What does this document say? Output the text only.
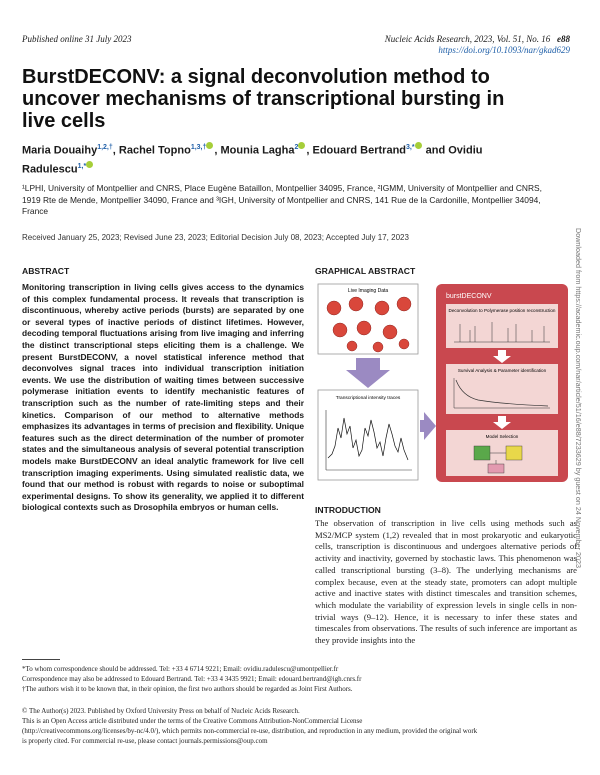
Published online 31 July 2023	Nucleic Acids Research, 2023, Vol. 51, No. 16 e88
https://doi.org/10.1093/nar/gkad629
BurstDECONV: a signal deconvolution method to uncover mechanisms of transcriptional bursting in live cells
Maria Douaihy$^{1,2,\dagger}$, Rachel Topno$^{1,3,\dagger}$ , Mounia Lagha$^2$ , Edouard Bertrand$^{3,*}$ and Ovidiu Radulescu$^{1,*}$
¹LPHI, University of Montpellier and CNRS, Place Eugène Bataillon, Montpellier 34095, France, ²IGMM, University of Montpellier and CNRS, 1919 Rte de Mende, Montpellier 34090, France and ³IGH, University of Montpellier and CNRS, 141 Rue de la Cardonille, Montpellier 34094, France
Received January 25, 2023; Revised June 23, 2023; Editorial Decision July 08, 2023; Accepted July 17, 2023
ABSTRACT
Monitoring transcription in living cells gives access to the dynamics of this complex fundamental process. It reveals that transcription is discontinuous, whereby active periods (bursts) are separated by one or several types of inactive periods of distinct lifetimes. However, decoding temporal fluctuations arising from live imaging and inferring the distinct transcriptional steps eliciting them is a challenge. We present BurstDECONV, a novel statistical inference method that deconvolves signal traces into individual transcription initiation events. We use the distribution of waiting times between successive polymerase initiation events to identify mechanistic features of transcription such as the number of rate-limiting steps and their kinetics. Comparison of our method to alternative methods emphasizes its advantages in terms of precision and flexibility. Unique features such as the direct determination of the number of promoter states and the simultaneous analysis of several potential transcription models make BurstDECONV an ideal analytic framework for live cell transcription imaging experiments. Using simulated realistic data, we found that our method is robust with regards to noise or suboptimal experimental designs. To show its generality, we applied it to different biological contexts such as Drosophila embryos or human cells.
GRAPHICAL ABSTRACT
Live Imaging Data
Transcriptional intensity traces
burstDECONV
Deconvolution to Polymerase position reconstruction
Survival Analysis & Parameter identification
Model Selection
INTRODUCTION
The observation of transcription in live cells using methods such as MS2/MCP system (1,2) revealed that in most prokaryotic and eukaryotic cells, transcription is discontinuous and undergoes alternative periods of activity and inactivity, governed by stochastic laws. This phenomenon was called transcriptional bursting (3–8). The underlying mechanisms are complex because, even at the steady state, promoters can adopt multiple active and inactive states with distinct timescales and transition schemes, which modulate the variability of expression levels in single cells in non-trivial ways (9–12). Hence, it is necessary to infer these states and timescales from observations. The results of such inference are important as they provide insights into the
Downloaded from https://academic.oup.com/nar/article/51/16/e88/7233629 by guest on 24 November 2023
*To whom correspondence should be addressed. Tel: +33 4 6714 9221; Email: ovidiu.radulescu@umontpellier.fr
Correspondence may also be addressed to Edouard Bertrand. Tel: +33 4 3435 9921; Email: edouard.bertrand@igh.cnrs.fr
†The authors wish it to be known that, in their opinion, the first two authors should be regarded as Joint First Authors.
© The Author(s) 2023. Published by Oxford University Press on behalf of Nucleic Acids Research.
This is an Open Access article distributed under the terms of the Creative Commons Attribution-NonCommercial License
(http://creativecommons.org/licenses/by-nc/4.0/), which permits non-commercial re-use, distribution, and reproduction in any medium, provided the original work
is properly cited. For commercial re-use, please contact journals.permissions@oup.com
